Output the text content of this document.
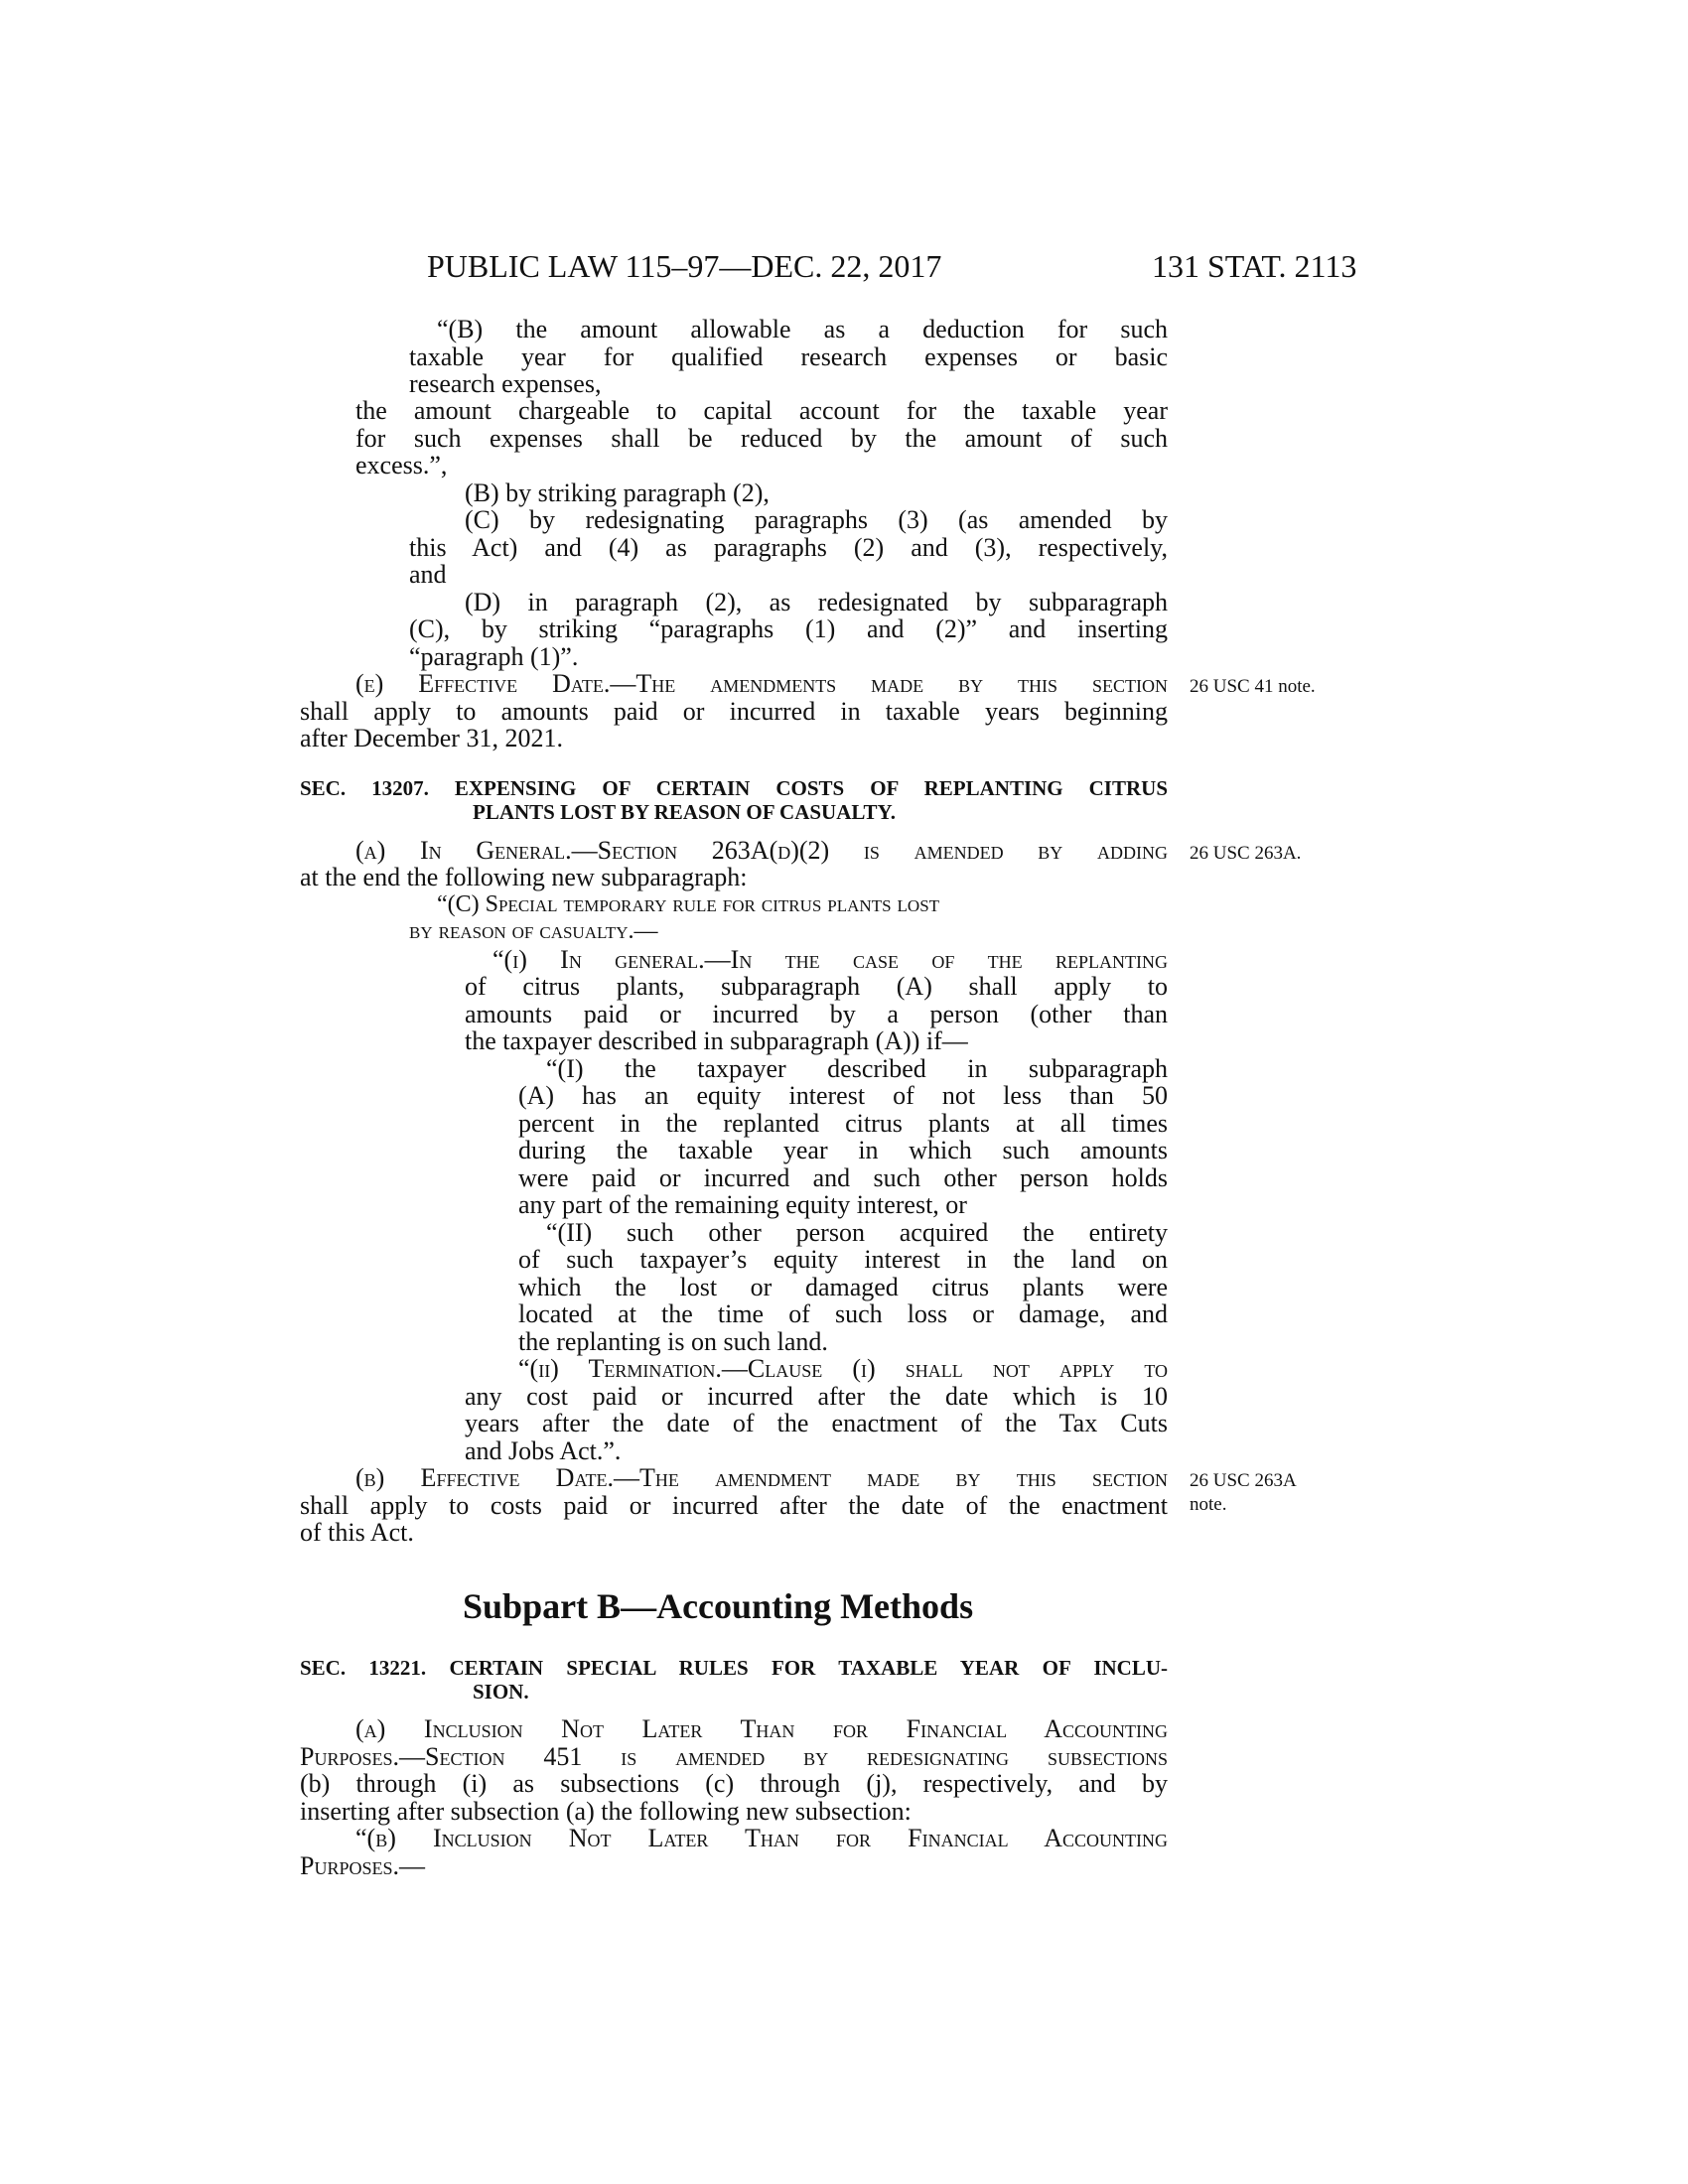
PUBLIC LAW 115–97—DEC. 22, 2017	131 STAT. 2113
“(B) the amount allowable as a deduction for such
taxable year for qualified research expenses or basic
research expenses,
the amount chargeable to capital account for the taxable year
for such expenses shall be reduced by the amount of such
excess.”,
(B) by striking paragraph (2),
(C) by redesignating paragraphs (3) (as amended by
this Act) and (4) as paragraphs (2) and (3), respectively,
and
(D) in paragraph (2), as redesignated by subparagraph
(C), by striking “paragraphs (1) and (2)” and inserting
“paragraph (1)”.
(e) Effective Date.—The amendments made by this section
shall apply to amounts paid or incurred in taxable years beginning
after December 31, 2021.
26 USC 41 note.
SEC. 13207. EXPENSING OF CERTAIN COSTS OF REPLANTING CITRUS
PLANTS LOST BY REASON OF CASUALTY.
(a) In General.—Section 263A(d)(2) is amended by adding
at the end the following new subparagraph:
26 USC 263A.
“(C) Special temporary rule for citrus plants lost
by reason of casualty.—
“(i) In general.—In the case of the replanting
of citrus plants, subparagraph (A) shall apply to
amounts paid or incurred by a person (other than
the taxpayer described in subparagraph (A)) if—
“(I) the taxpayer described in subparagraph
(A) has an equity interest of not less than 50
percent in the replanted citrus plants at all times
during the taxable year in which such amounts
were paid or incurred and such other person holds
any part of the remaining equity interest, or
“(II) such other person acquired the entirety
of such taxpayer’s equity interest in the land on
which the lost or damaged citrus plants were
located at the time of such loss or damage, and
the replanting is on such land.
“(ii) Termination.—Clause (i) shall not apply to
any cost paid or incurred after the date which is 10
years after the date of the enactment of the Tax Cuts
and Jobs Act.”.
(b) Effective Date.—The amendment made by this section
shall apply to costs paid or incurred after the date of the enactment
of this Act.
26 USC 263A
note.
Subpart B—Accounting Methods
SEC. 13221. CERTAIN SPECIAL RULES FOR TAXABLE YEAR OF INCLU-
SION.
(a) Inclusion Not Later Than for Financial Accounting
Purposes.—Section 451 is amended by redesignating subsections
(b) through (i) as subsections (c) through (j), respectively, and by
inserting after subsection (a) the following new subsection:
“(b) Inclusion Not Later Than for Financial Accounting
Purposes.—
